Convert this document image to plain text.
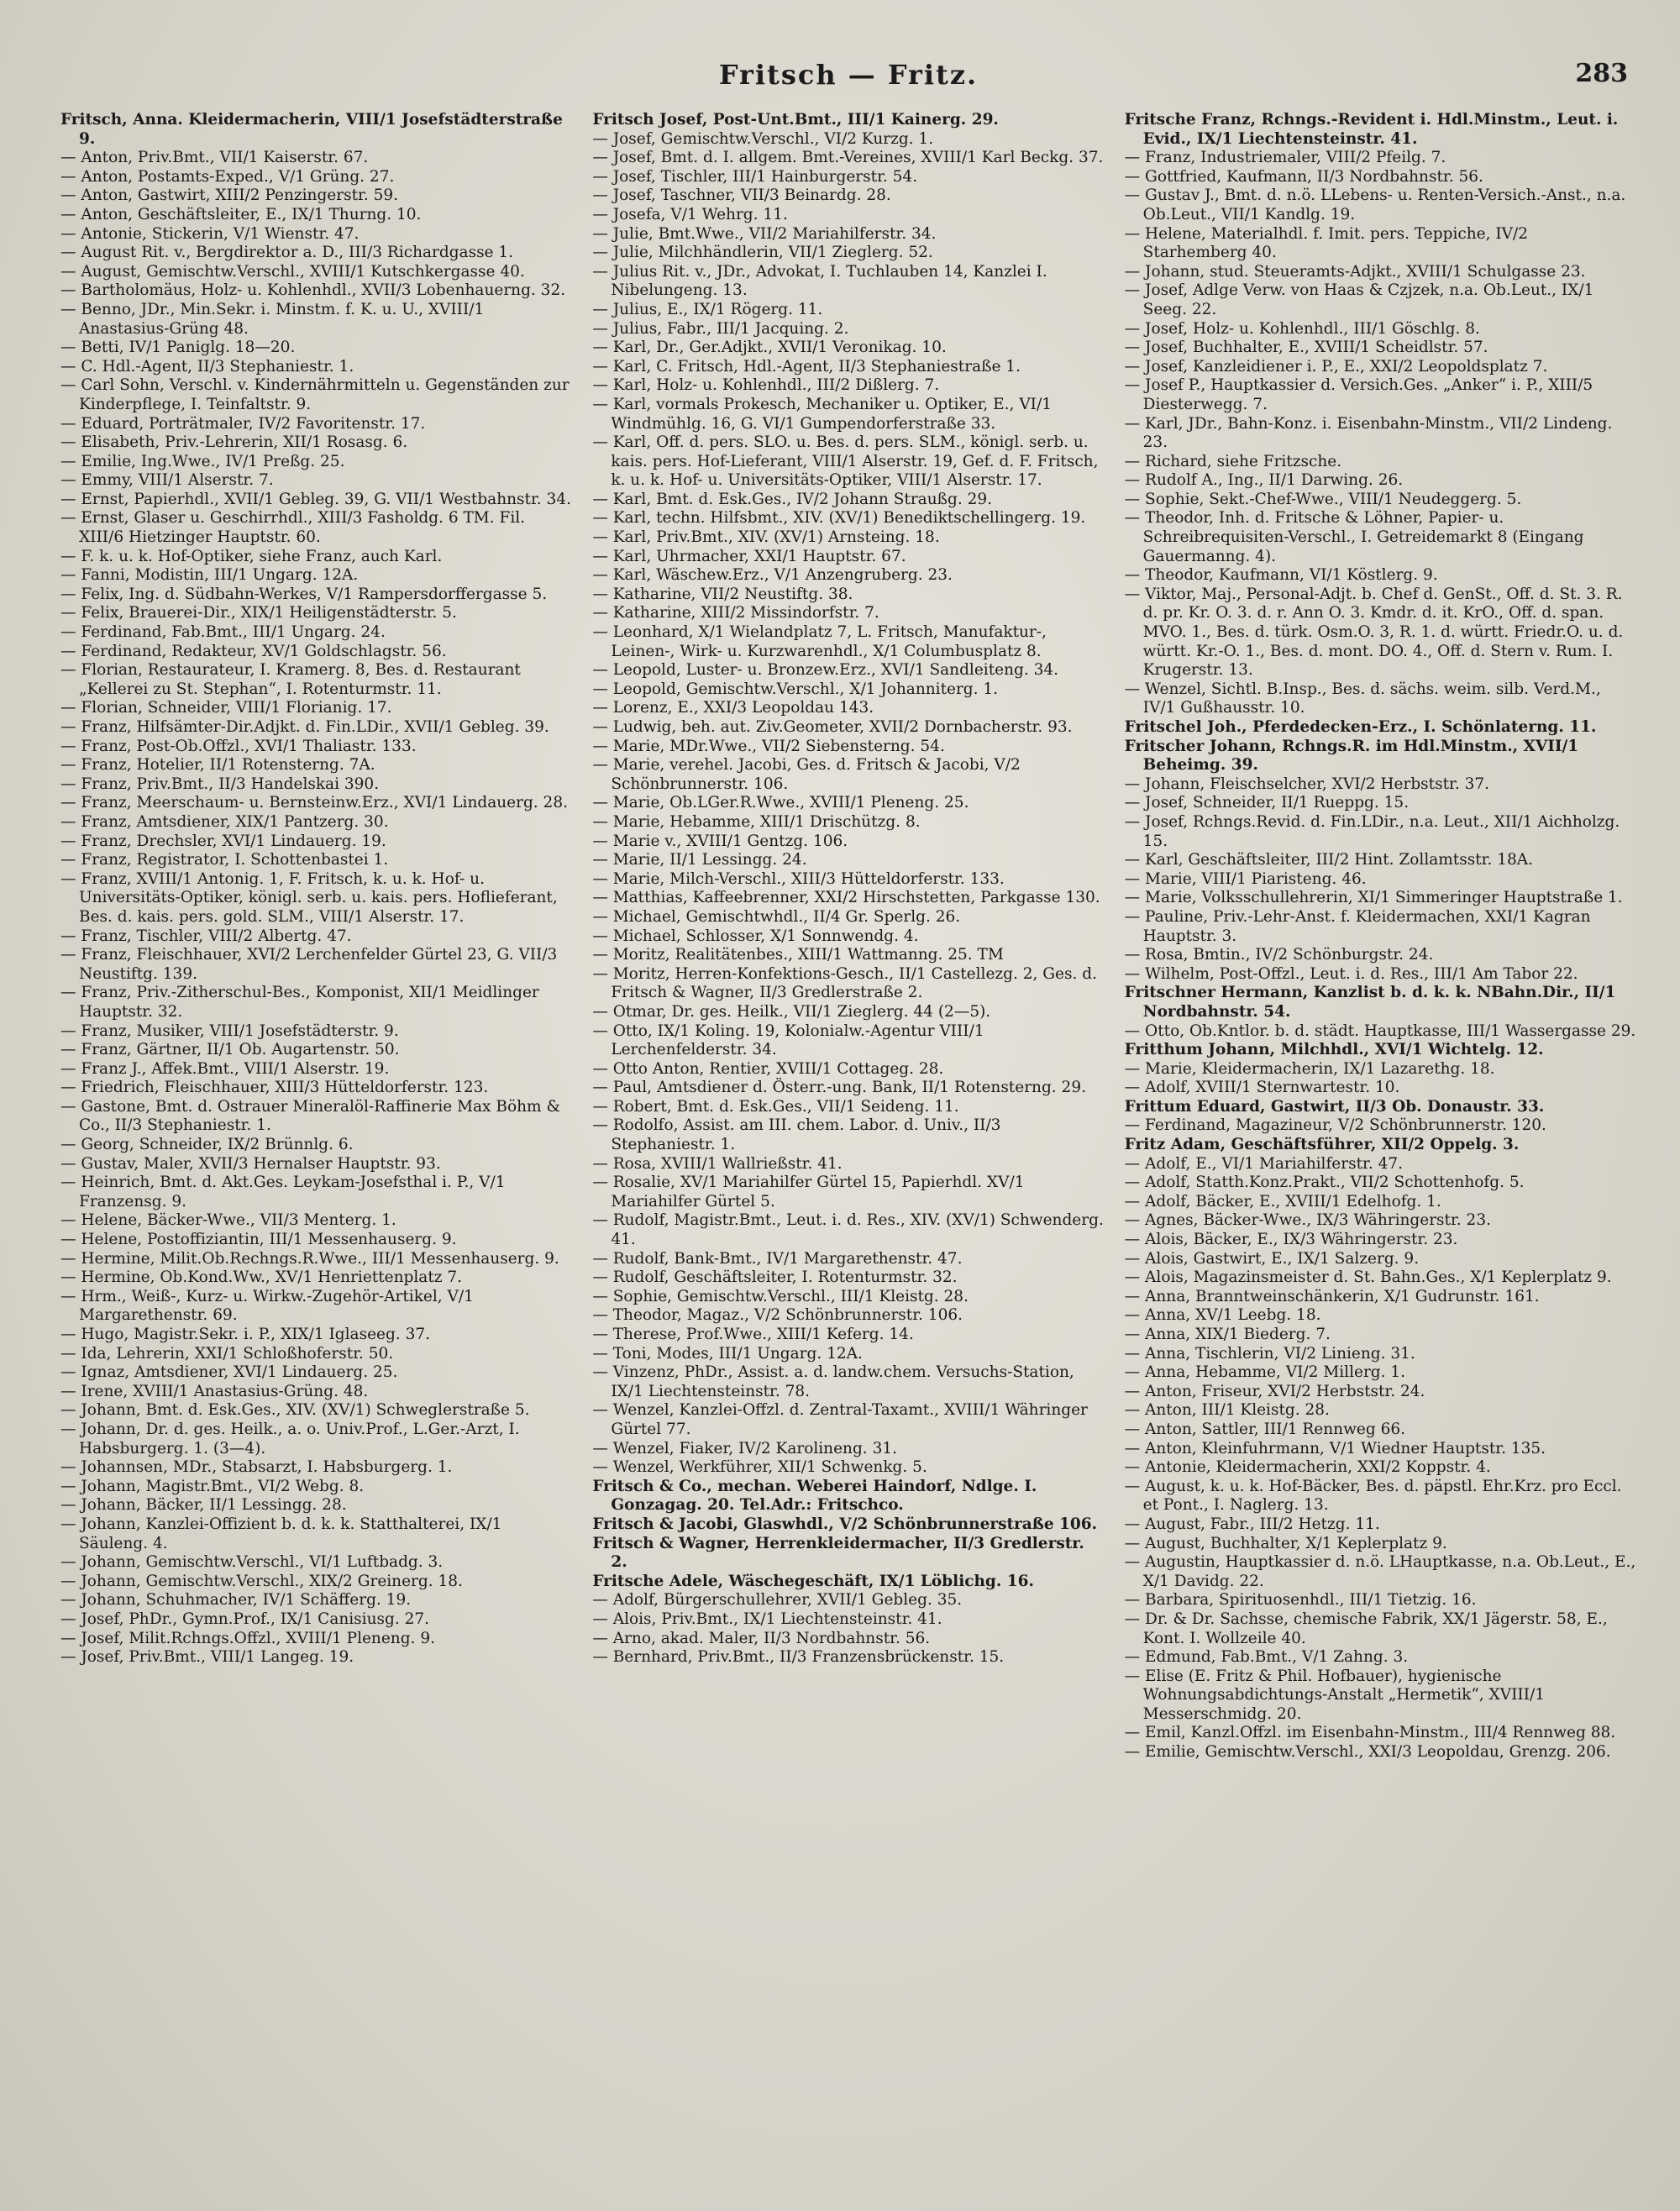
Fritsch — Fritz.	283
Fritsch, Anna. Kleidermacherin, VIII/1 Josefstädterstraße 9.
— Anton, Priv.Bmt., VII/1 Kaiserstr. 67.
— Anton, Postamts-Exped., V/1 Grüng. 27.
— Anton, Gastwirt, XIII/2 Penzingerstr. 59.
— Anton, Geschäftsleiter, E., IX/1 Thurng. 10.
— Antonie, Stickerin, V/1 Wienstr. 47.
— August Rit. v., Bergdirektor a. D., III/3 Richardgasse 1.
— August, Gemischtw.Verschl., XVIII/1 Kutschkergasse 40.
— Bartholomäus, Holz- u. Kohlenhdl., XVII/3 Lobenhauerng. 32.
— Benno, JDr., Min.Sekr. i. Minstm. f. K. u. U., XVIII/1 Anastasius-Grüng 48.
— Betti, IV/1 Paniglg. 18—20.
— C. Hdl.-Agent, II/3 Stephaniestr. 1.
— Carl Sohn, Verschl. v. Kindernährmitteln u. Gegenständen zur Kinderpflege, I. Teinfaltstr. 9.
— Eduard, Porträtmaler, IV/2 Favoritenstr. 17.
— Elisabeth, Priv.-Lehrerin, XII/1 Rosasg. 6.
— Emilie, Ing.Wwe., IV/1 Preßg. 25.
— Emmy, VIII/1 Alserstr. 7.
— Ernst, Papierhdl., XVII/1 Gebleg. 39, G. VII/1 Westbahnstr. 34.
— Ernst, Glaser u. Geschirrhdl., XIII/3 Fasholdg. 6 TM. Fil. XIII/6 Hietzinger Hauptstr. 60.
— F. k. u. k. Hof-Optiker, siehe Franz, auch Karl.
— Fanni, Modistin, III/1 Ungarg. 12A.
— Felix, Ing. d. Südbahn-Werkes, V/1 Rampersdorffergasse 5.
— Felix, Brauerei-Dir., XIX/1 Heiligenstädterstr. 5.
— Ferdinand, Fab.Bmt., III/1 Ungarg. 24.
— Ferdinand, Redakteur, XV/1 Goldschlagstr. 56.
— Florian, Restaurateur, I. Kramerg. 8, Bes. d. Restaurant „Kellerei zu St. Stephan“, I. Rotenturmstr. 11.
— Florian, Schneider, VIII/1 Florianig. 17.
— Franz, Hilfsämter-Dir.Adjkt. d. Fin.LDir., XVII/1 Gebleg. 39.
— Franz, Post-Ob.Offzl., XVI/1 Thaliastr. 133.
— Franz, Hotelier, II/1 Rotensterng. 7A.
— Franz, Priv.Bmt., II/3 Handelskai 390.
— Franz, Meerschaum- u. Bernsteinw.Erz., XVI/1 Lindauerg. 28.
— Franz, Amtsdiener, XIX/1 Pantzerg. 30.
— Franz, Drechsler, XVI/1 Lindauerg. 19.
— Franz, Registrator, I. Schottenbastei 1.
— Franz, XVIII/1 Antonig. 1, F. Fritsch, k. u. k. Hof- u. Universitäts-Optiker, königl. serb. u. kais. pers. Hoflieferant, Bes. d. kais. pers. gold. SLM., VIII/1 Alserstr. 17.
— Franz, Tischler, VIII/2 Albertg. 47.
— Franz, Fleischhauer, XVI/2 Lerchenfelder Gürtel 23, G. VII/3 Neustiftg. 139.
— Franz, Priv.-Zitherschul-Bes., Komponist, XII/1 Meidlinger Hauptstr. 32.
— Franz, Musiker, VIII/1 Josefstädterstr. 9.
— Franz, Gärtner, II/1 Ob. Augartenstr. 50.
— Franz J., Affek.Bmt., VIII/1 Alserstr. 19.
— Friedrich, Fleischhauer, XIII/3 Hütteldorferstr. 123.
— Gastone, Bmt. d. Ostrauer Mineralöl-Raffinerie Max Böhm & Co., II/3 Stephaniestr. 1.
— Georg, Schneider, IX/2 Brünnlg. 6.
— Gustav, Maler, XVII/3 Hernalser Hauptstr. 93.
— Heinrich, Bmt. d. Akt.Ges. Leykam-Josefsthal i. P., V/1 Franzensg. 9.
— Helene, Bäcker-Wwe., VII/3 Menterg. 1.
— Helene, Postoffiziantin, III/1 Messenhauserg. 9.
— Hermine, Milit.Ob.Rechngs.R.Wwe., III/1 Messenhauserg. 9.
— Hermine, Ob.Kond.Ww., XV/1 Henriettenplatz 7.
— Hrm., Weiß-, Kurz- u. Wirkw.-Zugehör-Artikel, V/1 Margarethenstr. 69.
— Hugo, Magistr.Sekr. i. P., XIX/1 Iglaseeg. 37.
— Ida, Lehrerin, XXI/1 Schloßhoferstr. 50.
— Ignaz, Amtsdiener, XVI/1 Lindauerg. 25.
— Irene, XVIII/1 Anastasius-Grüng. 48.
— Johann, Bmt. d. Esk.Ges., XIV. (XV/1) Schweglerstraße 5.
— Johann, Dr. d. ges. Heilk., a. o. Univ.Prof., L.Ger.-Arzt, I. Habsburgerg. 1. (3—4).
— Johannsen, MDr., Stabsarzt, I. Habsburgerg. 1.
— Johann, Magistr.Bmt., VI/2 Webg. 8.
— Johann, Bäcker, II/1 Lessingg. 28.
— Johann, Kanzlei-Offizient b. d. k. k. Statthalterei, IX/1 Säuleng. 4.
— Johann, Gemischtw.Verschl., VI/1 Luftbadg. 3.
— Johann, Gemischtw.Verschl., XIX/2 Greinerg. 18.
— Johann, Schuhmacher, IV/1 Schäfferg. 19.
— Josef, PhDr., Gymn.Prof., IX/1 Canisiusg. 27.
— Josef, Milit.Rchngs.Offzl., XVIII/1 Pleneng. 9.
— Josef, Priv.Bmt., VIII/1 Langeg. 19.
Fritsch Josef, Post-Unt.Bmt., III/1 Kainerg. 29.
— Josef, Gemischtw.Verschl., VI/2 Kurzg. 1.
— Josef, Bmt. d. I. allgem. Bmt.-Vereines, XVIII/1 Karl Beckg. 37.
— Josef, Tischler, III/1 Hainburgerstr. 54.
— Josef, Taschner, VII/3 Beinardg. 28.
— Josefa, V/1 Wehrg. 11.
— Julie, Bmt.Wwe., VII/2 Mariahilferstr. 34.
— Julie, Milchhändlerin, VII/1 Zieglerg. 52.
— Julius Rit. v., JDr., Advokat, I. Tuchlauben 14, Kanzlei I. Nibelungeng. 13.
— Julius, E., IX/1 Rögerg. 11.
— Julius, Fabr., III/1 Jacquing. 2.
— Karl, Dr., Ger.Adjkt., XVII/1 Veronikag. 10.
— Karl, C. Fritsch, Hdl.-Agent, II/3 Stephaniestraße 1.
— Karl, Holz- u. Kohlenhdl., III/2 Dißlerg. 7.
— Karl, vormals Prokesch, Mechaniker u. Optiker, E., VI/1 Windmühlg. 16, G. VI/1 Gumpendorferstraße 33.
— Karl, Off. d. pers. SLO. u. Bes. d. pers. SLM., königl. serb. u. kais. pers. Hof-Lieferant, VIII/1 Alserstr. 19, Gef. d. F. Fritsch, k. u. k. Hof- u. Universitäts-Optiker, VIII/1 Alserstr. 17.
— Karl, Bmt. d. Esk.Ges., IV/2 Johann Straußg. 29.
— Karl, techn. Hilfsbmt., XIV. (XV/1) Benediktschellingerg. 19.
— Karl, Priv.Bmt., XIV. (XV/1) Arnsteing. 18.
— Karl, Uhrmacher, XXI/1 Hauptstr. 67.
— Karl, Wäschew.Erz., V/1 Anzengruberg. 23.
— Katharine, VII/2 Neustiftg. 38.
— Katharine, XIII/2 Missindorfstr. 7.
— Leonhard, X/1 Wielandplatz 7, L. Fritsch, Manufaktur-, Leinen-, Wirk- u. Kurzwarenhdl., X/1 Columbusplatz 8.
— Leopold, Luster- u. Bronzew.Erz., XVI/1 Sandleiteng. 34.
— Leopold, Gemischtw.Verschl., X/1 Johanniterg. 1.
— Lorenz, E., XXI/3 Leopoldau 143.
— Ludwig, beh. aut. Ziv.Geometer, XVII/2 Dornbacherstr. 93.
— Marie, MDr.Wwe., VII/2 Siebensterng. 54.
— Marie, verehel. Jacobi, Ges. d. Fritsch & Jacobi, V/2 Schönbrunnerstr. 106.
— Marie, Ob.LGer.R.Wwe., XVIII/1 Pleneng. 25.
— Marie, Hebamme, XIII/1 Drischützg. 8.
— Marie v., XVIII/1 Gentzg. 106.
— Marie, II/1 Lessingg. 24.
— Marie, Milch-Verschl., XIII/3 Hütteldorferstr. 133.
— Matthias, Kaffeebrenner, XXI/2 Hirschstetten, Parkgasse 130.
— Michael, Gemischtwhdl., II/4 Gr. Sperlg. 26.
— Michael, Schlosser, X/1 Sonnwendg. 4.
— Moritz, Realitätenbes., XIII/1 Wattmanng. 25. TM
— Moritz, Herren-Konfektions-Gesch., II/1 Castellezg. 2, Ges. d. Fritsch & Wagner, II/3 Gredlerstraße 2.
— Otmar, Dr. ges. Heilk., VII/1 Zieglerg. 44 (2—5).
— Otto, IX/1 Koling. 19, Kolonialw.-Agentur VIII/1 Lerchenfelderstr. 34.
— Otto Anton, Rentier, XVIII/1 Cottageg. 28.
— Paul, Amtsdiener d. Österr.-ung. Bank, II/1 Rotensterng. 29.
— Robert, Bmt. d. Esk.Ges., VII/1 Seideng. 11.
— Rodolfo, Assist. am III. chem. Labor. d. Univ., II/3 Stephaniestr. 1.
— Rosa, XVIII/1 Wallrießstr. 41.
— Rosalie, XV/1 Mariahilfer Gürtel 15, Papierhdl. XV/1 Mariahilfer Gürtel 5.
— Rudolf, Magistr.Bmt., Leut. i. d. Res., XIV. (XV/1) Schwenderg. 41.
— Rudolf, Bank-Bmt., IV/1 Margarethenstr. 47.
— Rudolf, Geschäftsleiter, I. Rotenturmstr. 32.
— Sophie, Gemischtw.Verschl., III/1 Kleistg. 28.
— Theodor, Magaz., V/2 Schönbrunnerstr. 106.
— Therese, Prof.Wwe., XIII/1 Keferg. 14.
— Toni, Modes, III/1 Ungarg. 12A.
— Vinzenz, PhDr., Assist. a. d. landw.chem. Versuchs-Station, IX/1 Liechtensteinstr. 78.
— Wenzel, Kanzlei-Offzl. d. Zentral-Taxamt., XVIII/1 Währinger Gürtel 77.
— Wenzel, Fiaker, IV/2 Karolineng. 31.
— Wenzel, Werkführer, XII/1 Schwenkg. 5.
Fritsch & Co., mechan. Weberei Haindorf, Ndlge. I. Gonzagag. 20. Tel.Adr.: Fritschco.
Fritsch & Jacobi, Glaswhdl., V/2 Schönbrunnerstraße 106.
Fritsch & Wagner, Herrenkleidermacher, II/3 Gredlerstr. 2.
Fritsche Adele, Wäschegeschäft, IX/1 Löblichg. 16.
— Adolf, Bürgerschullehrer, XVII/1 Gebleg. 35.
— Alois, Priv.Bmt., IX/1 Liechtensteinstr. 41.
— Arno, akad. Maler, II/3 Nordbahnstr. 56.
— Bernhard, Priv.Bmt., II/3 Franzensbrückenstr. 15.
Fritsche Franz, Rchngs.-Revident i. Hdl.Minstm., Leut. i. Evid., IX/1 Liechtensteinstr. 41.
— Franz, Industriemaler, VIII/2 Pfeilg. 7.
— Gottfried, Kaufmann, II/3 Nordbahnstr. 56.
— Gustav J., Bmt. d. n.ö. LLebens- u. Renten-Versich.-Anst., n.a. Ob.Leut., VII/1 Kandlg. 19.
— Helene, Materialhdl. f. Imit. pers. Teppiche, IV/2 Starhemberg 40.
— Johann, stud. Steueramts-Adjkt., XVIII/1 Schulgasse 23.
— Josef, Adlge Verw. von Haas & Czjzek, n.a. Ob.Leut., IX/1 Seeg. 22.
— Josef, Holz- u. Kohlenhdl., III/1 Göschlg. 8.
— Josef, Buchhalter, E., XVIII/1 Scheidlstr. 57.
— Josef, Kanzleidiener i. P., E., XXI/2 Leopoldsplatz 7.
— Josef P., Hauptkassier d. Versich.Ges. „Anker“ i. P., XIII/5 Diesterwegg. 7.
— Karl, JDr., Bahn-Konz. i. Eisenbahn-Minstm., VII/2 Lindeng. 23.
— Richard, siehe Fritzsche.
— Rudolf A., Ing., II/1 Darwing. 26.
— Sophie, Sekt.-Chef-Wwe., VIII/1 Neudeggerg. 5.
— Theodor, Inh. d. Fritsche & Löhner, Papier- u. Schreibrequisiten-Verschl., I. Getreidemarkt 8 (Eingang Gauermanng. 4).
— Theodor, Kaufmann, VI/1 Köstlerg. 9.
— Viktor, Maj., Personal-Adjt. b. Chef d. GenSt., Off. d. St. 3. R. d. pr. Kr. O. 3. d. r. Ann O. 3. Kmdr. d. it. KrO., Off. d. span. MVO. 1., Bes. d. türk. Osm.O. 3, R. 1. d. württ. Friedr.O. u. d. württ. Kr.-O. 1., Bes. d. mont. DO. 4., Off. d. Stern v. Rum. I. Krugerstr. 13.
— Wenzel, Sichtl. B.Insp., Bes. d. sächs. weim. silb. Verd.M., IV/1 Gußhausstr. 10.
Fritschel Joh., Pferdedecken-Erz., I. Schönlaterng. 11.
Fritscher Johann, Rchngs.R. im Hdl.Minstm., XVII/1 Beheimg. 39.
— Johann, Fleischselcher, XVI/2 Herbststr. 37.
— Josef, Schneider, II/1 Rueppg. 15.
— Josef, Rchngs.Revid. d. Fin.LDir., n.a. Leut., XII/1 Aichholzg. 15.
— Karl, Geschäftsleiter, III/2 Hint. Zollamtsstr. 18A.
— Marie, VIII/1 Piaristeng. 46.
— Marie, Volksschullehrerin, XI/1 Simmeringer Hauptstraße 1.
— Pauline, Priv.-Lehr-Anst. f. Kleidermachen, XXI/1 Kagran Hauptstr. 3.
— Rosa, Bmtin., IV/2 Schönburgstr. 24.
— Wilhelm, Post-Offzl., Leut. i. d. Res., III/1 Am Tabor 22.
Fritschner Hermann, Kanzlist b. d. k. k. NBahn.Dir., II/1 Nordbahnstr. 54.
— Otto, Ob.Kntlor. b. d. städt. Hauptkasse, III/1 Wassergasse 29.
Fritthum Johann, Milchhdl., XVI/1 Wichtelg. 12.
— Marie, Kleidermacherin, IX/1 Lazarethg. 18.
— Adolf, XVIII/1 Sternwartestr. 10.
Frittum Eduard, Gastwirt, II/3 Ob. Donaustr. 33.
— Ferdinand, Magazineur, V/2 Schönbrunnerstr. 120.
Fritz Adam, Geschäftsführer, XII/2 Oppelg. 3.
— Adolf, E., VI/1 Mariahilferstr. 47.
— Adolf, Statth.Konz.Prakt., VII/2 Schottenhofg. 5.
— Adolf, Bäcker, E., XVIII/1 Edelhofg. 1.
— Agnes, Bäcker-Wwe., IX/3 Währingerstr. 23.
— Alois, Bäcker, E., IX/3 Währingerstr. 23.
— Alois, Gastwirt, E., IX/1 Salzerg. 9.
— Alois, Magazinsmeister d. St. Bahn.Ges., X/1 Keplerplatz 9.
— Anna, Branntweinschänkerin, X/1 Gudrunstr. 161.
— Anna, XV/1 Leebg. 18.
— Anna, XIX/1 Biederg. 7.
— Anna, Tischlerin, VI/2 Linieng. 31.
— Anna, Hebamme, VI/2 Millerg. 1.
— Anton, Friseur, XVI/2 Herbststr. 24.
— Anton, III/1 Kleistg. 28.
— Anton, Sattler, III/1 Rennweg 66.
— Anton, Kleinfuhrmann, V/1 Wiedner Hauptstr. 135.
— Antonie, Kleidermacherin, XXI/2 Koppstr. 4.
— August, k. u. k. Hof-Bäcker, Bes. d. päpstl. Ehr.Krz. pro Eccl. et Pont., I. Naglerg. 13.
— August, Fabr., III/2 Hetzg. 11.
— August, Buchhalter, X/1 Keplerplatz 9.
— Augustin, Hauptkassier d. n.ö. LHauptkasse, n.a. Ob.Leut., E., X/1 Davidg. 22.
— Barbara, Spirituosenhdl., III/1 Tietzig. 16.
— Dr. & Dr. Sachsse, chemische Fabrik, XX/1 Jägerstr. 58, E., Kont. I. Wollzeile 40.
— Edmund, Fab.Bmt., V/1 Zahng. 3.
— Elise (E. Fritz & Phil. Hofbauer), hygienische Wohnungsabdichtungs-Anstalt „Hermetik“, XVIII/1 Messerschmidg. 20.
— Emil, Kanzl.Offzl. im Eisenbahn-Minstm., III/4 Rennweg 88.
— Emilie, Gemischtw.Verschl., XXI/3 Leopoldau, Grenzg. 206.
